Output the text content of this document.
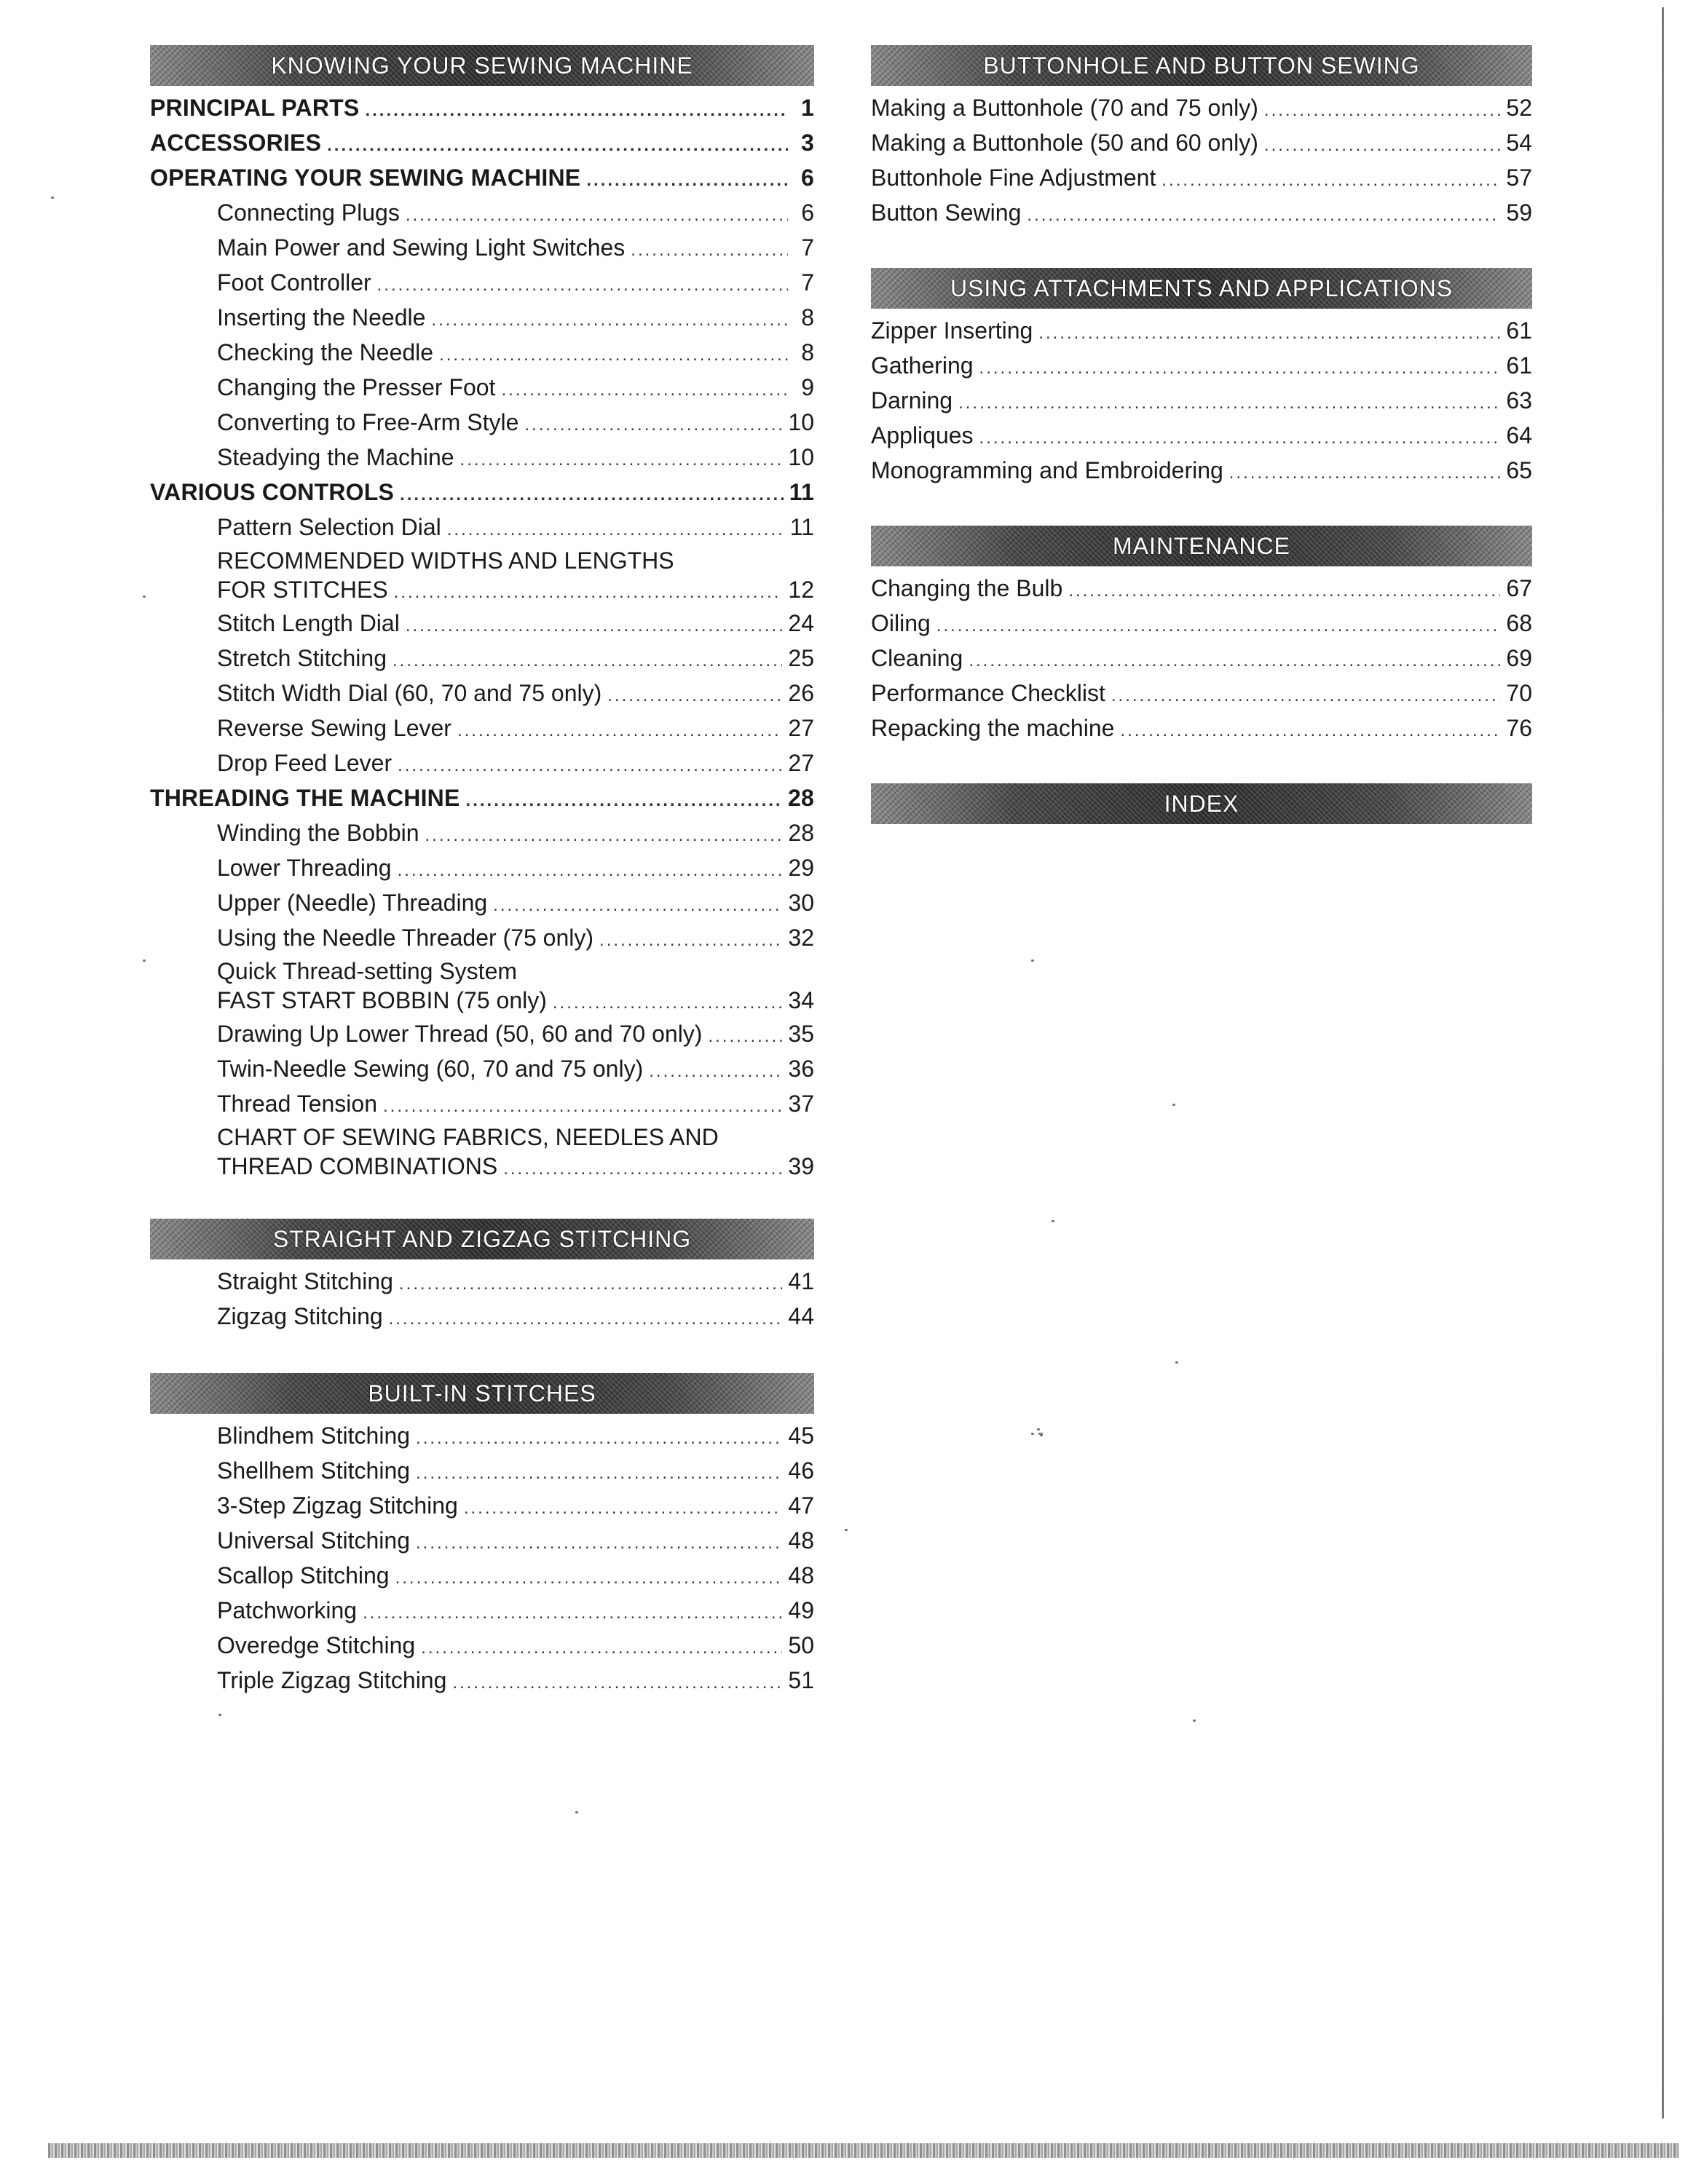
KNOWING YOUR SEWING MACHINE
PRINCIPAL PARTS .....	1
ACCESSORIES .....	3
OPERATING YOUR SEWING MACHINE .....	6
Connecting Plugs .....	6
Main Power and Sewing Light Switches .....	7
Foot Controller .....	7
Inserting the Needle .....	8
Checking the Needle .....	8
Changing the Presser Foot .....	9
Converting to Free-Arm Style .....	10
Steadying the Machine .....	10
VARIOUS CONTROLS .....	11
Pattern Selection Dial .....	11
RECOMMENDED WIDTHS AND LENGTHS
FOR STITCHES .....	12
Stitch Length Dial .....	24
Stretch Stitching .....	25
Stitch Width Dial (60, 70 and 75 only) .....	26
Reverse Sewing Lever .....	27
Drop Feed Lever .....	27
THREADING THE MACHINE .....	28
Winding the Bobbin .....	28
Lower Threading .....	29
Upper (Needle) Threading .....	30
Using the Needle Threader (75 only) .....	32
Quick Thread-setting System
FAST START BOBBIN (75 only) .....	34
Drawing Up Lower Thread (50, 60 and 70 only) .....	35
Twin-Needle Sewing (60, 70 and 75 only) .....	36
Thread Tension .....	37
CHART OF SEWING FABRICS, NEEDLES AND
THREAD COMBINATIONS .....	39
STRAIGHT AND ZIGZAG STITCHING
Straight Stitching .....	41
Zigzag Stitching .....	44
BUILT-IN STITCHES
Blindhem Stitching .....	45
Shellhem Stitching .....	46
3-Step Zigzag Stitching .....	47
Universal Stitching .....	48
Scallop Stitching .....	48
Patchworking .....	49
Overedge Stitching .....	50
Triple Zigzag Stitching .....	51
BUTTONHOLE AND BUTTON SEWING
Making a Buttonhole (70 and 75 only) .....	52
Making a Buttonhole (50 and 60 only) .....	54
Buttonhole Fine Adjustment .....	57
Button Sewing .....	59
USING ATTACHMENTS AND APPLICATIONS
Zipper Inserting .....	61
Gathering .....	61
Darning .....	63
Appliques .....	64
Monogramming and Embroidering .....	65
MAINTENANCE
Changing the Bulb .....	67
Oiling .....	68
Cleaning .....	69
Performance Checklist .....	70
Repacking the machine .....	76
INDEX
